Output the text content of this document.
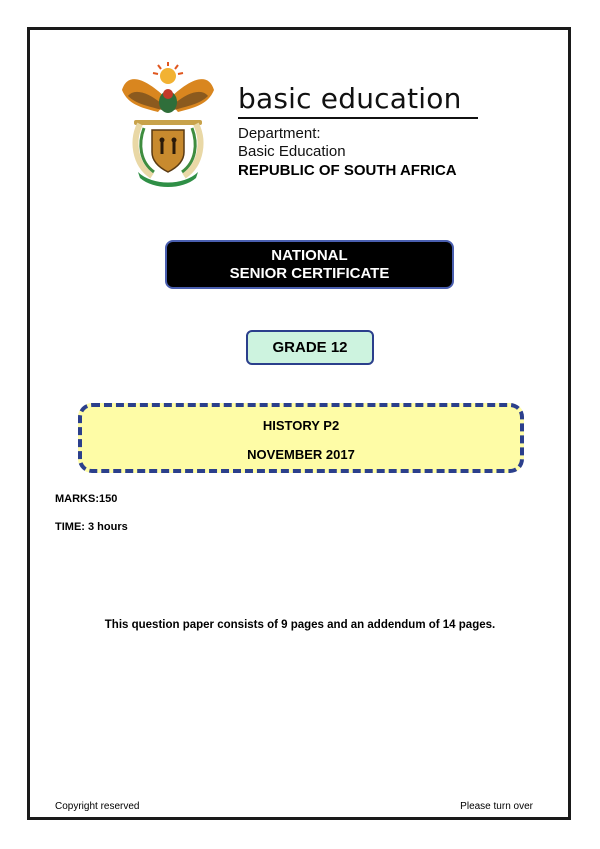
basic education
Department:
Basic Education
REPUBLIC OF SOUTH AFRICA
NATIONAL
SENIOR CERTIFICATE
GRADE 12
HISTORY P2
NOVEMBER 2017
MARKS:150
TIME: 3 hours
This question paper consists of 9 pages and an addendum of 14 pages.
Copyright reserved	Please turn over
